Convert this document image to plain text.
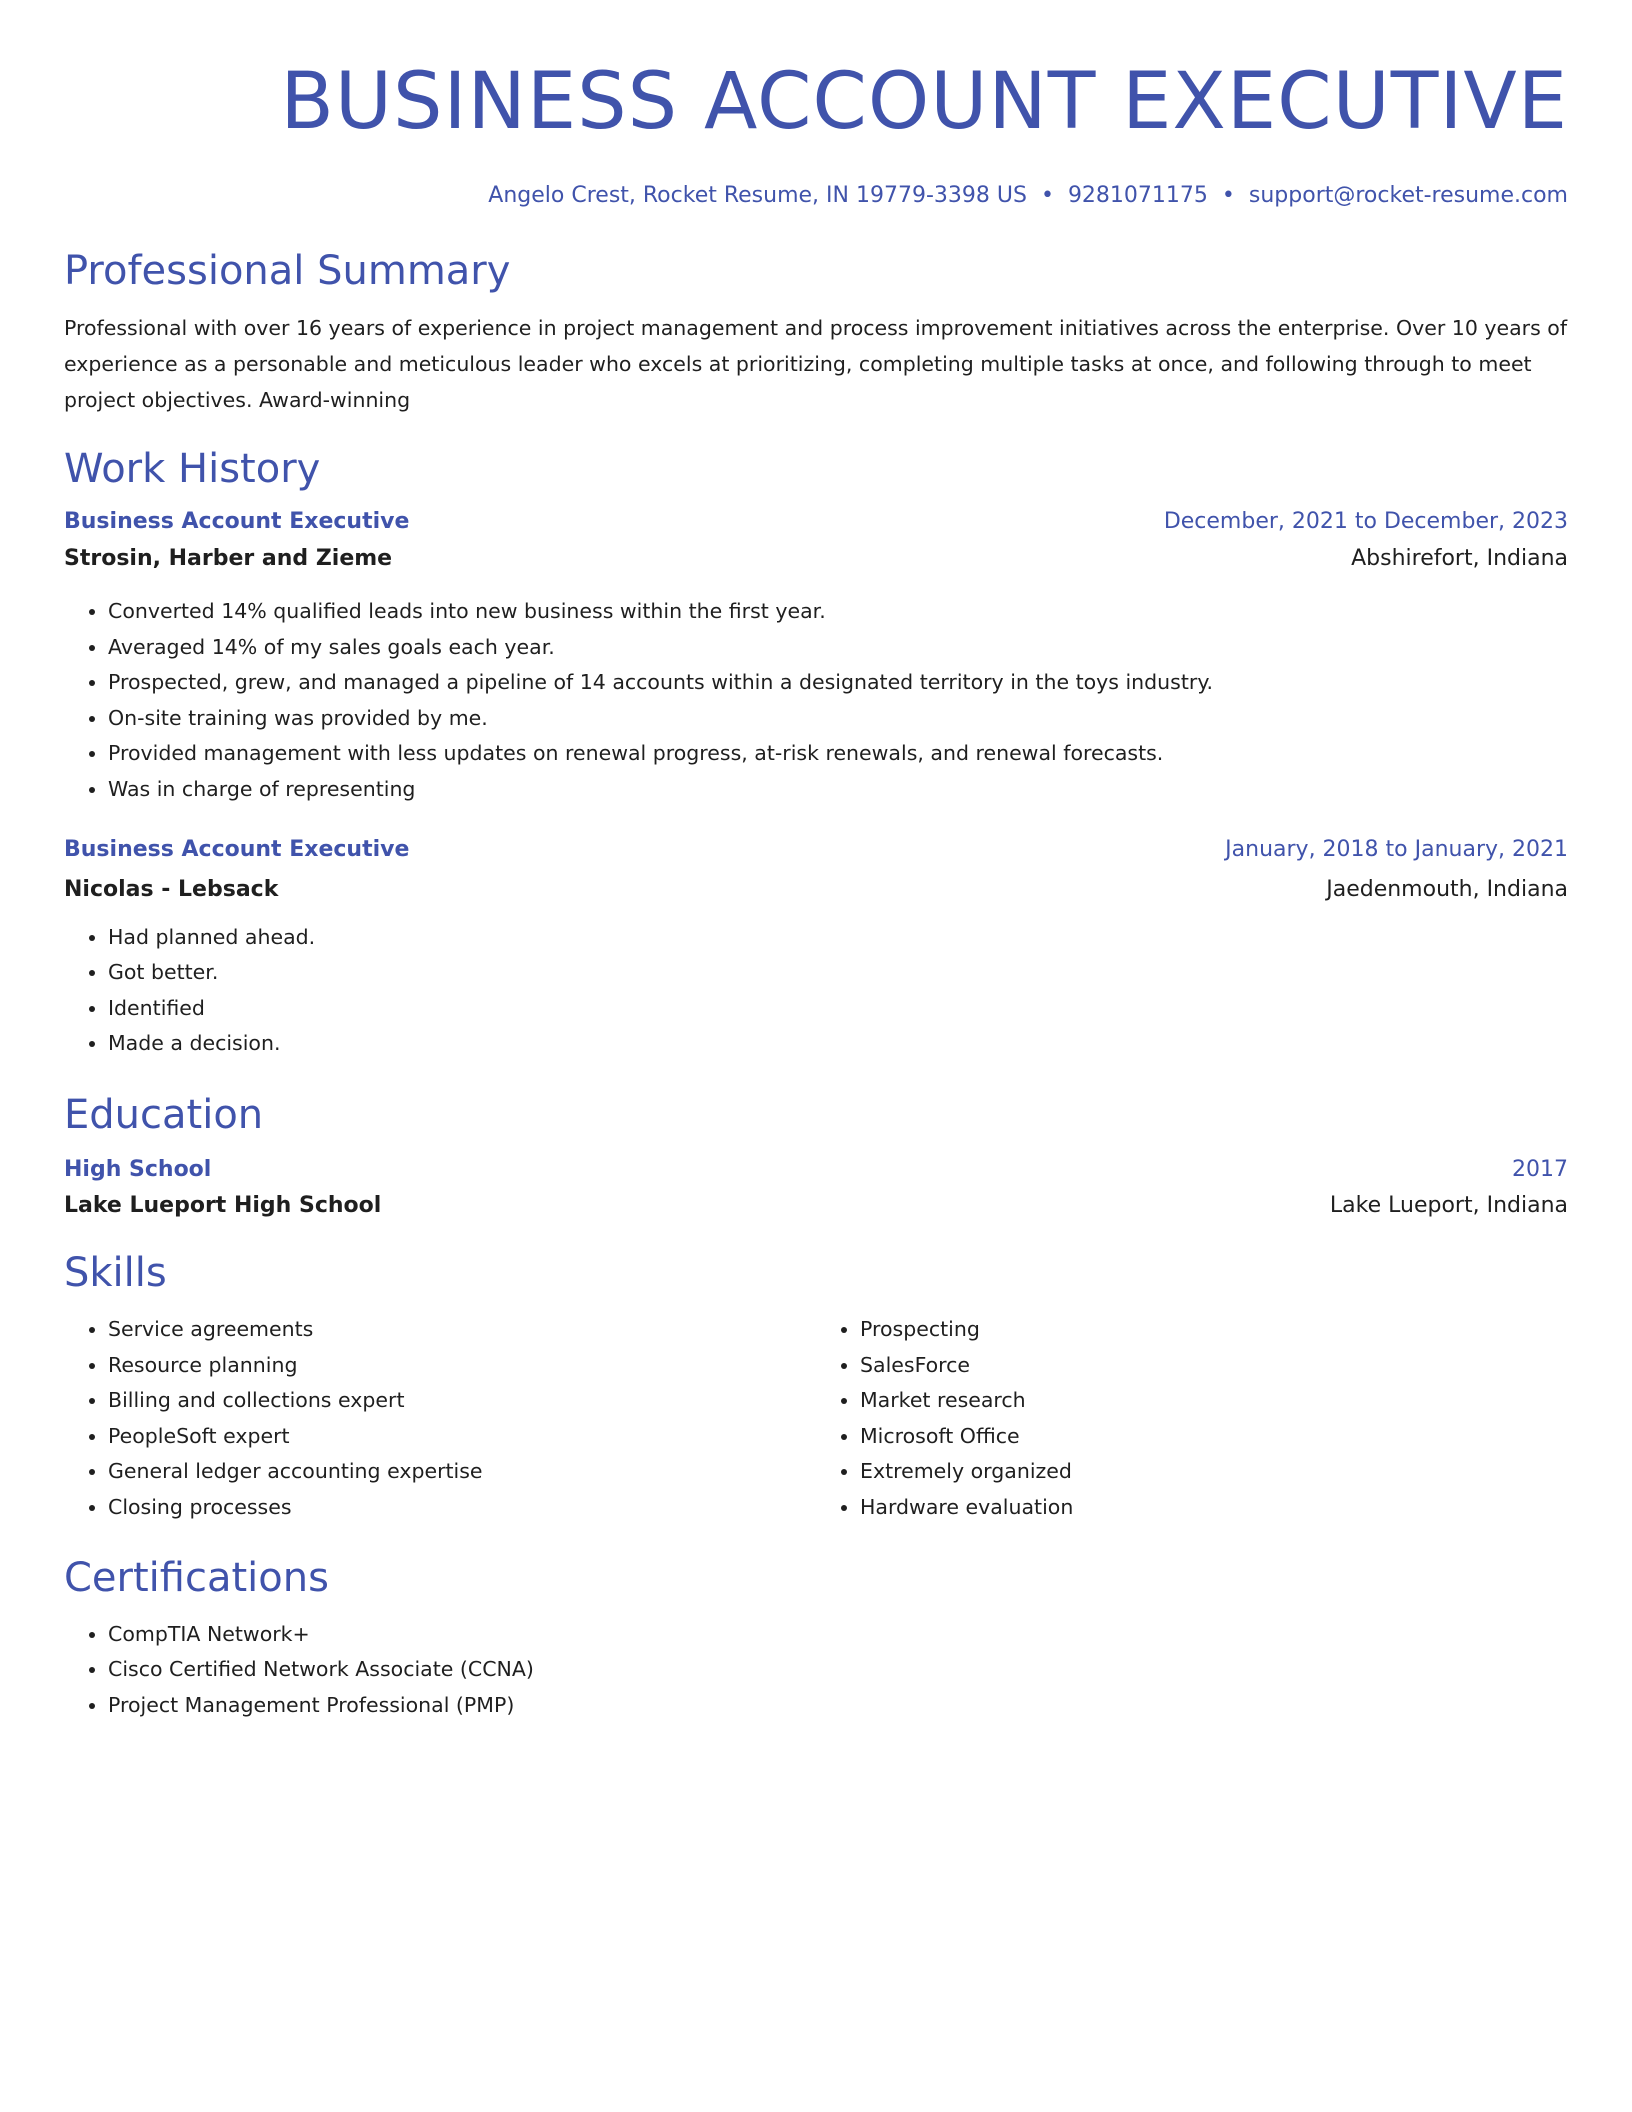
BUSINESS ACCOUNT EXECUTIVE
Angelo Crest, Rocket Resume, IN 19779-3398 US • 9281071175 • support@rocket-resume.com
Professional Summary

Professional with over 16 years of experience in project management and process improvement initiatives across the enterprise. Over 10 years of experience as a personable and meticulous leader who excels at prioritizing, completing multiple tasks at once, and following through to meet project objectives. Award-winning

Work History
Business Account Executive	December, 2021 to December, 2023
Strosin, Harber and Zieme	Abshirefort, Indiana
• Converted 14% qualified leads into new business within the first year.
• Averaged 14% of my sales goals each year.
• Prospected, grew, and managed a pipeline of 14 accounts within a designated territory in the toys industry.
• On-site training was provided by me.
• Provided management with less updates on renewal progress, at-risk renewals, and renewal forecasts.
• Was in charge of representing
Business Account Executive	January, 2018 to January, 2021
Nicolas - Lebsack	Jaedenmouth, Indiana
• Had planned ahead.
• Got better.
• Identified
• Made a decision.
Education
High School	2017
Lake Lueport High School	Lake Lueport, Indiana
Skills
• Service agreements
• Resource planning
• Billing and collections expert
• PeopleSoft expert
• General ledger accounting expertise
• Closing processes
• Prospecting
• SalesForce
• Market research
• Microsoft Office
• Extremely organized
• Hardware evaluation
Certifications
• CompTIA Network+
• Cisco Certified Network Associate (CCNA)
• Project Management Professional (PMP)
